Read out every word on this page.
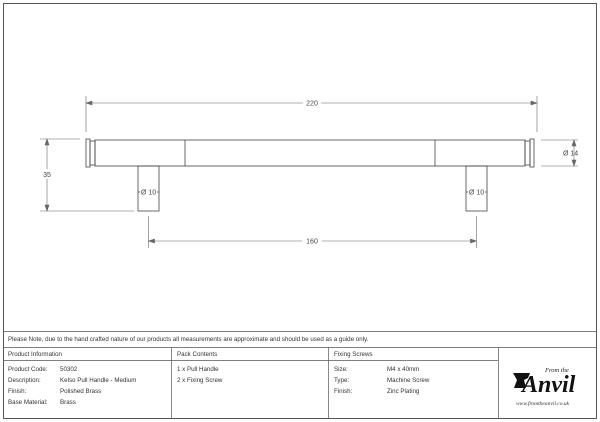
220
35
Ø 14
Ø 10	Ø 10
160
Please Note, due to the hand crafted nature of our products all measurements are approximate and should be used as a guide only.
Product Information
Product Code: 50302
Description:	Kelso Pull Handle - Medium
Finish:	Polished Brass
Base Material: Brass
Pack Contents
1 x Pull Handle
2 x Fixing Screw
Fixing Screws
Size:	M4 x 40mm
Type:	Machine Screw
Finish:	Zinc Plating
From the
Anvil
www.fromtheanvil.co.uk
